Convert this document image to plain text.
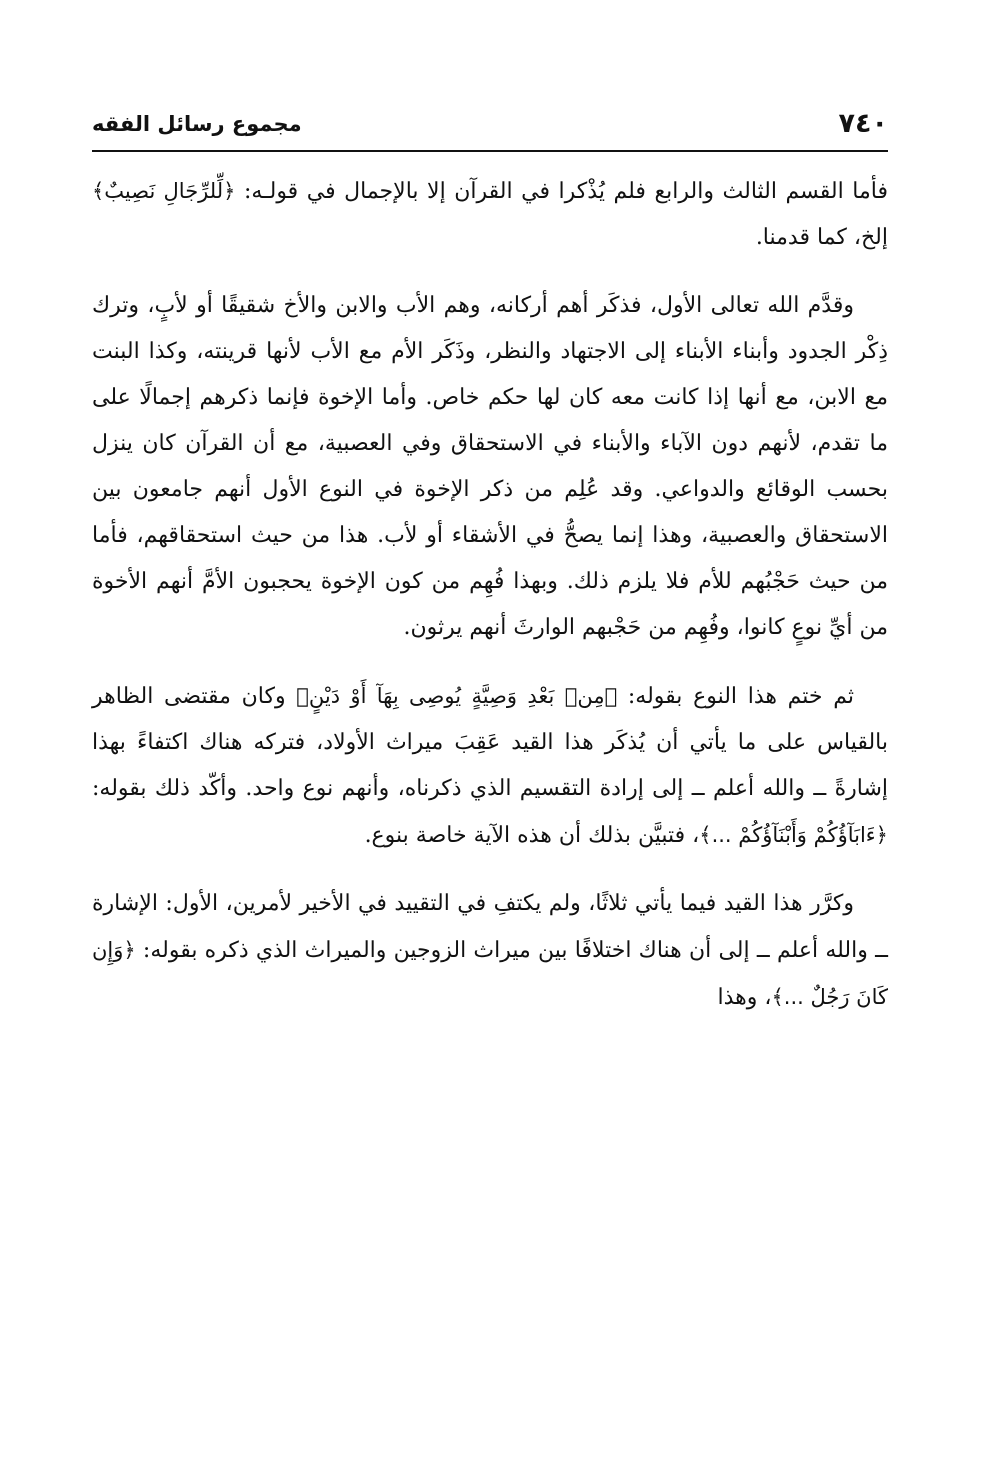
مجموع رسائل الفقه	٧٤٠

فأما القسم الثالث والرابع فلم يُذْكرا في القرآن إلا بالإجمال في قولـه: ﴿لِّلرِّجَالِ نَصِيبٌ﴾ إلخ، كما قدمنا.

وقدَّم الله تعالى الأول، فذكَر أهم أركانه، وهم الأب والابن والأخ شقيقًا أو لأبٍ، وترك ذِكْر الجدود وأبناء الأبناء إلى الاجتهاد والنظر، وذَكَر الأم مع الأب لأنها قرينته، وكذا البنت مع الابن، مع أنها إذا كانت معه كان لها حكم خاص. وأما الإخوة فإنما ذكرهم إجمالًا على ما تقدم، لأنهم دون الآباء والأبناء في الاستحقاق وفي العصبية، مع أن القرآن كان ينزل بحسب الوقائع والدواعي. وقد عُلِم من ذكر الإخوة في النوع الأول أنهم جامعون بين الاستحقاق والعصبية، وهذا إنما يصحُّ في الأشقاء أو لأب. هذا من حيث استحقاقهم، فأما من حيث حَجْبُهم للأم فلا يلزم ذلك. وبهذا فُهِم من كون الإخوة يحجبون الأمَّ أنهم الأخوة من أيِّ نوعٍ كانوا، وفُهِم من حَجْبهم الوارثَ أنهم يرثون.

ثم ختم هذا النوع بقوله: ﴿مِنۢ بَعْدِ وَصِيَّةٍ يُوصِى بِهَآ أَوْ دَيْنٍ﴾ وكان مقتضى الظاهر بالقياس على ما يأتي أن يُذكَر هذا القيد عَقِبَ ميراث الأولاد، فتركه هناك اكتفاءً بهذا إشارةً ــ والله أعلم ــ إلى إرادة التقسيم الذي ذكرناه، وأنهم نوع واحد. وأكّد ذلك بقوله: ﴿ءَابَآؤُكُمْ وَأَبْنَآؤُكُمْ ...﴾، فتبيَّن بذلك أن هذه الآية خاصة بنوع.

وكرَّر هذا القيد فيما يأتي ثلاثًا، ولم يكتفِ في التقييد في الأخير لأمرين، الأول: الإشارة ــ والله أعلم ــ إلى أن هناك اختلافًا بين ميراث الزوجين والميراث الذي ذكره بقوله: ﴿وَإِن كَانَ رَجُلٌ ...﴾، وهذا
